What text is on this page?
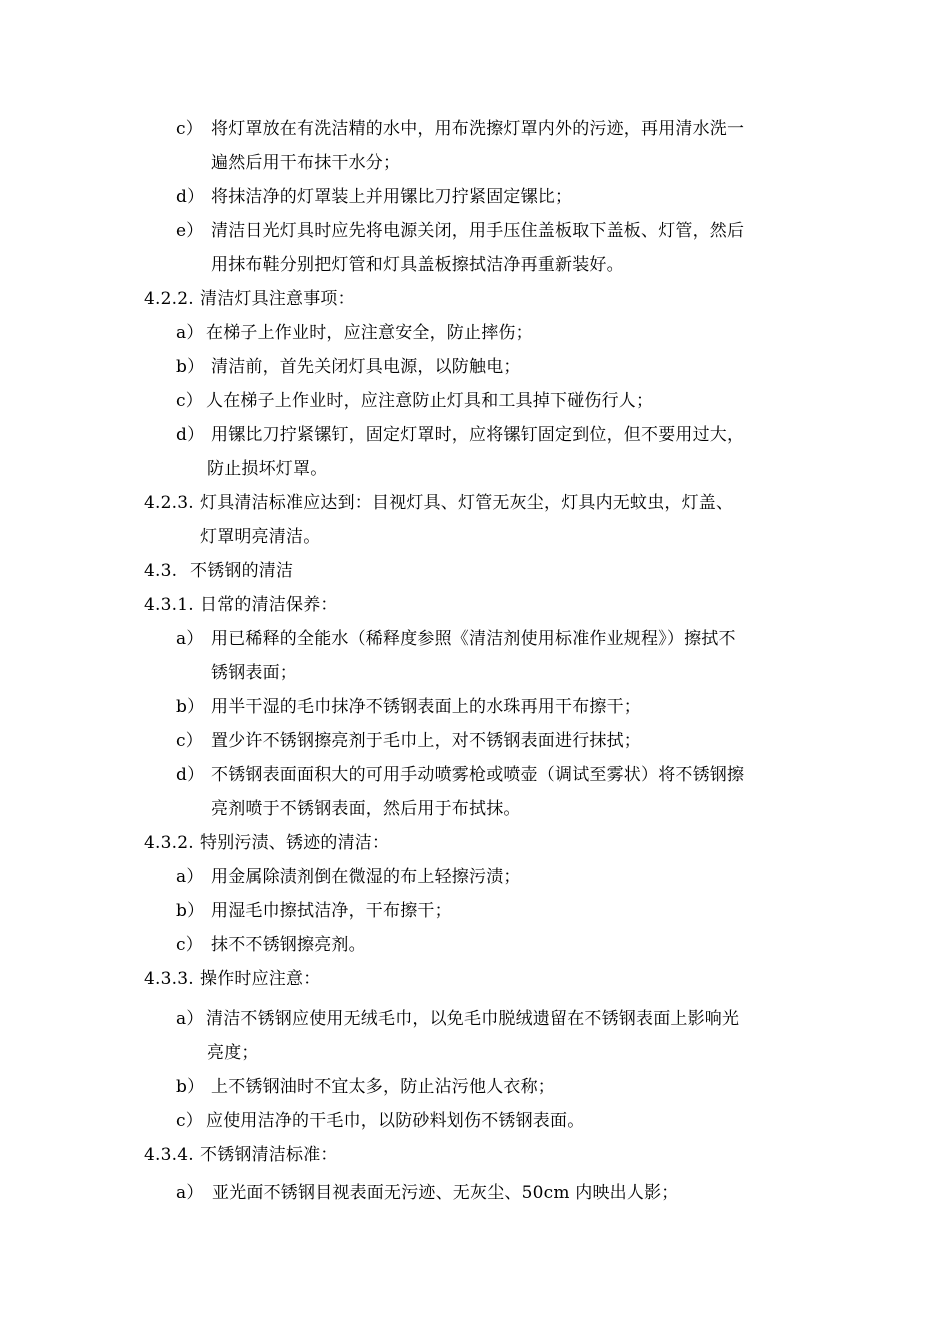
c） 将灯罩放在有洗洁精的水中，用布洗擦灯罩内外的污迹，再用清水洗一
遍然后用干布抹干水分；
d） 将抹洁净的灯罩装上并用镙比刀拧紧固定镙比；
e） 清洁日光灯具时应先将电源关闭，用手压住盖板取下盖板、灯管，然后
用抹布鞋分别把灯管和灯具盖板擦拭洁净再重新装好。
4.2.2. 清洁灯具注意事项：
a） 在梯子上作业时，应注意安全，防止摔伤；
b） 清洁前，首先关闭灯具电源，以防触电；
c） 人在梯子上作业时，应注意防止灯具和工具掉下碰伤行人；
d） 用镙比刀拧紧镙钉，固定灯罩时，应将镙钉固定到位，但不要用过大，
防止损坏灯罩。
4.2.3. 灯具清洁标准应达到：目视灯具、灯管无灰尘，灯具内无蚊虫，灯盖、
灯罩明亮清洁。
4.3. 不锈钢的清洁
4.3.1. 日常的清洁保养：
a） 用已稀释的全能水（稀释度参照《清洁剂使用标准作业规程》）擦拭不
锈钢表面；
b） 用半干湿的毛巾抹净不锈钢表面上的水珠再用干布擦干；
c） 置少许不锈钢擦亮剂于毛巾上，对不锈钢表面进行抹拭；
d） 不锈钢表面面积大的可用手动喷雾枪或喷壶（调试至雾状）将不锈钢擦
亮剂喷于不锈钢表面，然后用于布拭抹。
4.3.2. 特别污渍、锈迹的清洁：
a） 用金属除渍剂倒在微湿的布上轻擦污渍；
b） 用湿毛巾擦拭洁净，干布擦干；
c） 抹不不锈钢擦亮剂。
4.3.3. 操作时应注意：
a） 清洁不锈钢应使用无绒毛巾，以免毛巾脱绒遗留在不锈钢表面上影响光
亮度；
b） 上不锈钢油时不宜太多，防止沾污他人衣称；
c） 应使用洁净的干毛巾，以防砂料划伤不锈钢表面。
4.3.4. 不锈钢清洁标准：
a） 亚光面不锈钢目视表面无污迹、无灰尘、50cm 内映出人影；
